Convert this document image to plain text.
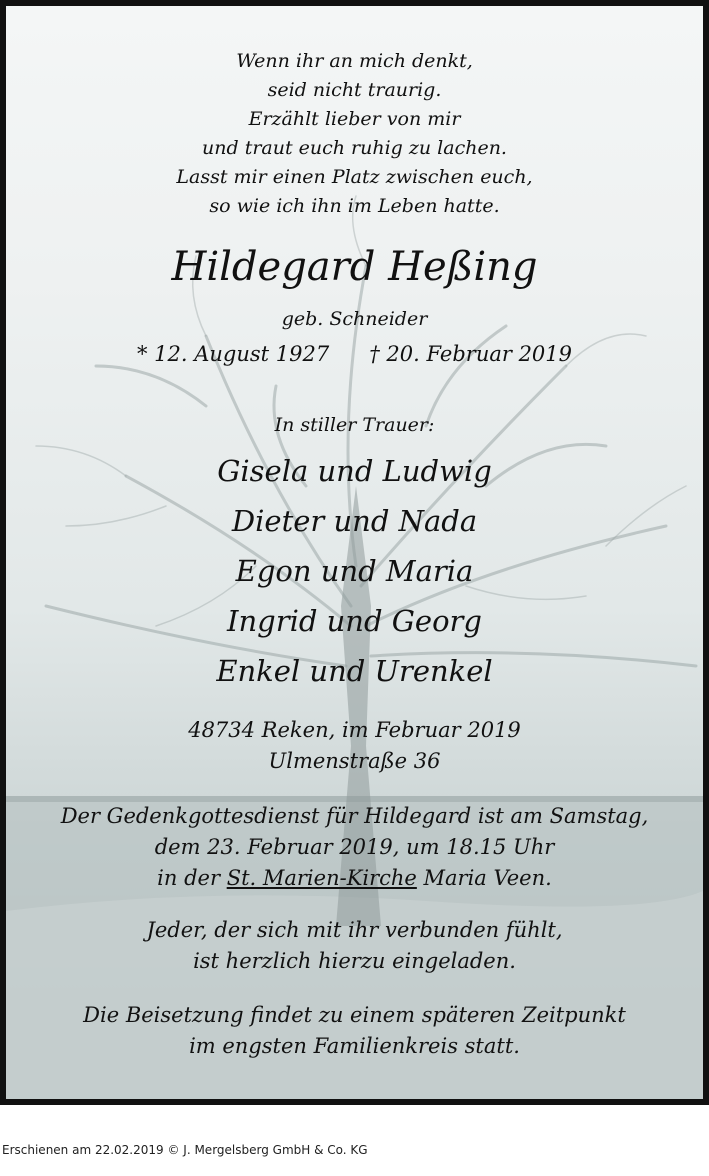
Wenn ihr an mich denkt,
seid nicht traurig.
Erzählt lieber von mir
und traut euch ruhig zu lachen.
Lasst mir einen Platz zwischen euch,
so wie ich ihn im Leben hatte.
Hildegard Heßing
geb. Schneider
* 12. August 1927 † 20. Februar 2019
In stiller Trauer:
Gisela und Ludwig
Dieter und Nada
Egon und Maria
Ingrid und Georg
Enkel und Urenkel
48734 Reken, im Februar 2019
Ulmenstraße 36
Der Gedenkgottesdienst für Hildegard ist am Samstag,
dem 23. Februar 2019, um 18.15 Uhr
in der St. Marien-Kirche Maria Veen.
Jeder, der sich mit ihr verbunden fühlt,
ist herzlich hierzu eingeladen.
Die Beisetzung findet zu einem späteren Zeitpunkt
im engsten Familienkreis statt.
Erschienen am 22.02.2019 © J. Mergelsberg GmbH & Co. KG
